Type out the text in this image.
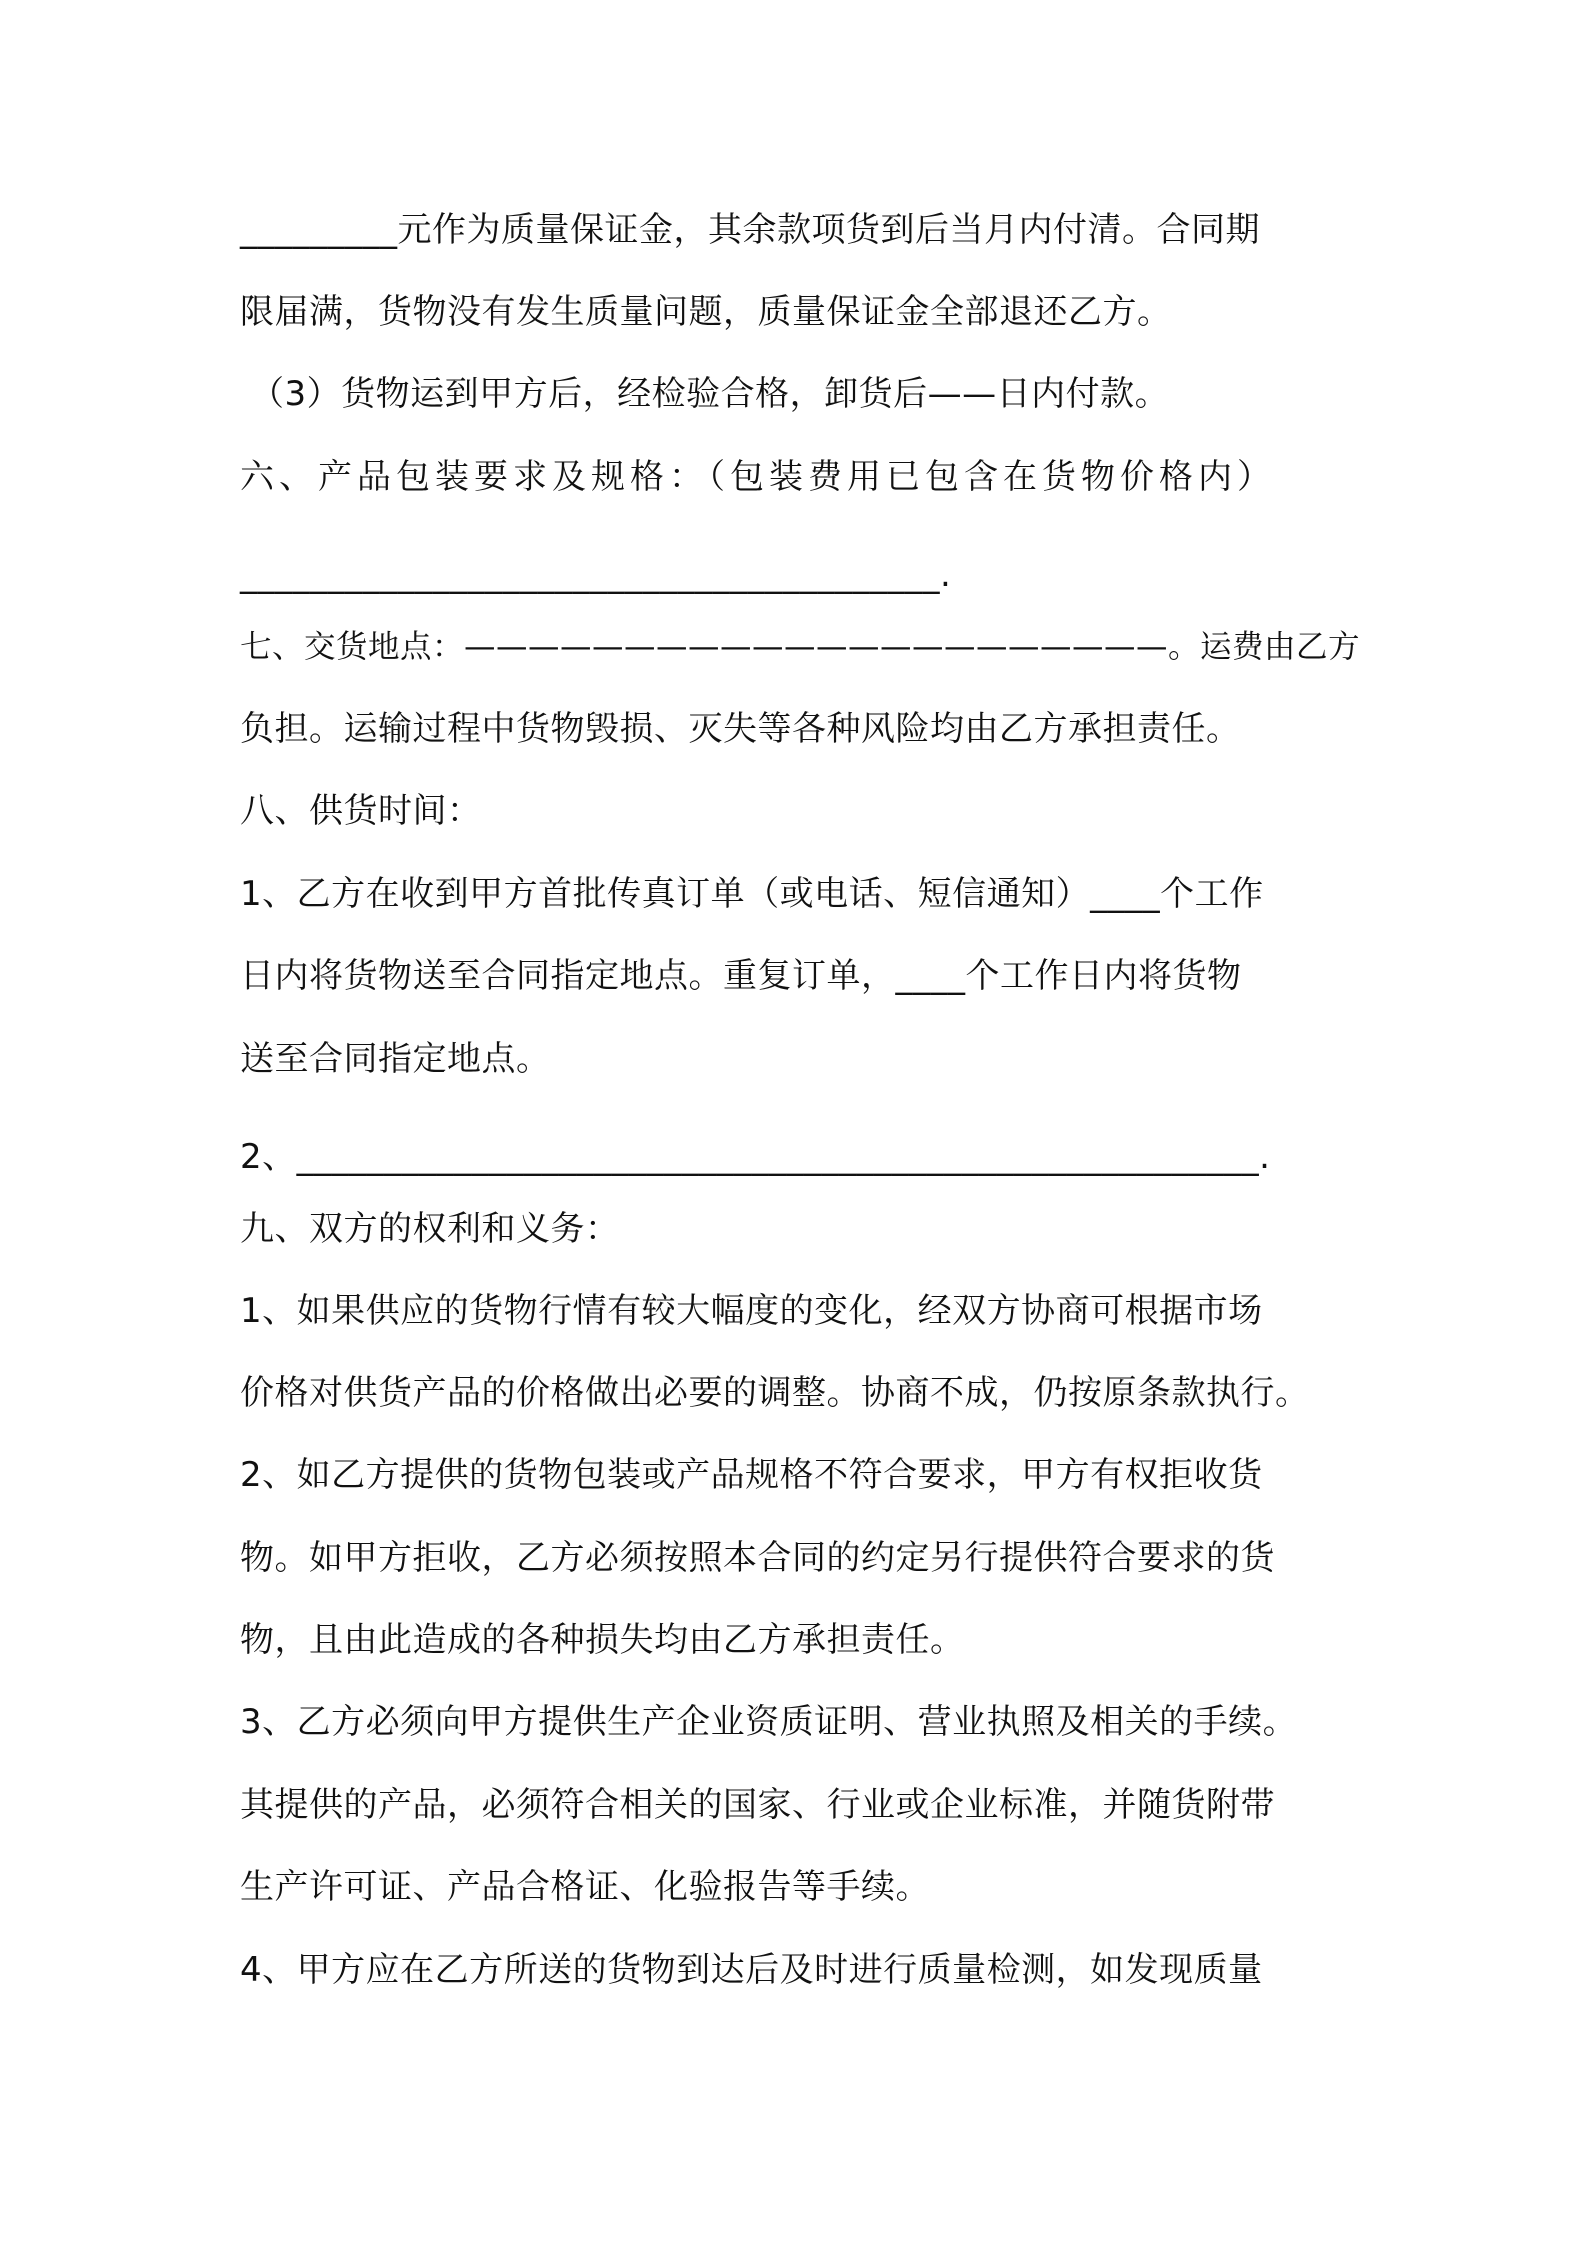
_________元作为质量保证金，其余款项货到后当月内付清。合同期
限届满，货物没有发生质量问题，质量保证金全部退还乙方。
（3）货物运到甲方后，经检验合格，卸货后——日内付款。
六、产品包装要求及规格：（包装费用已包含在货物价格内）
________________________________________.
七、交货地点：——————————————————————。运费由乙方
负担。运输过程中货物毁损、灭失等各种风险均由乙方承担责任。
八、供货时间：
1、乙方在收到甲方首批传真订单（或电话、短信通知）____个工作
日内将货物送至合同指定地点。重复订单，____个工作日内将货物
送至合同指定地点。
2、_______________________________________________________.
九、双方的权利和义务：
1、如果供应的货物行情有较大幅度的变化，经双方协商可根据市场
价格对供货产品的价格做出必要的调整。协商不成，仍按原条款执行。
2、如乙方提供的货物包装或产品规格不符合要求，甲方有权拒收货
物。如甲方拒收，乙方必须按照本合同的约定另行提供符合要求的货
物，且由此造成的各种损失均由乙方承担责任。
3、乙方必须向甲方提供生产企业资质证明、营业执照及相关的手续。
其提供的产品，必须符合相关的国家、行业或企业标准，并随货附带
生产许可证、产品合格证、化验报告等手续。
4、甲方应在乙方所送的货物到达后及时进行质量检测，如发现质量
